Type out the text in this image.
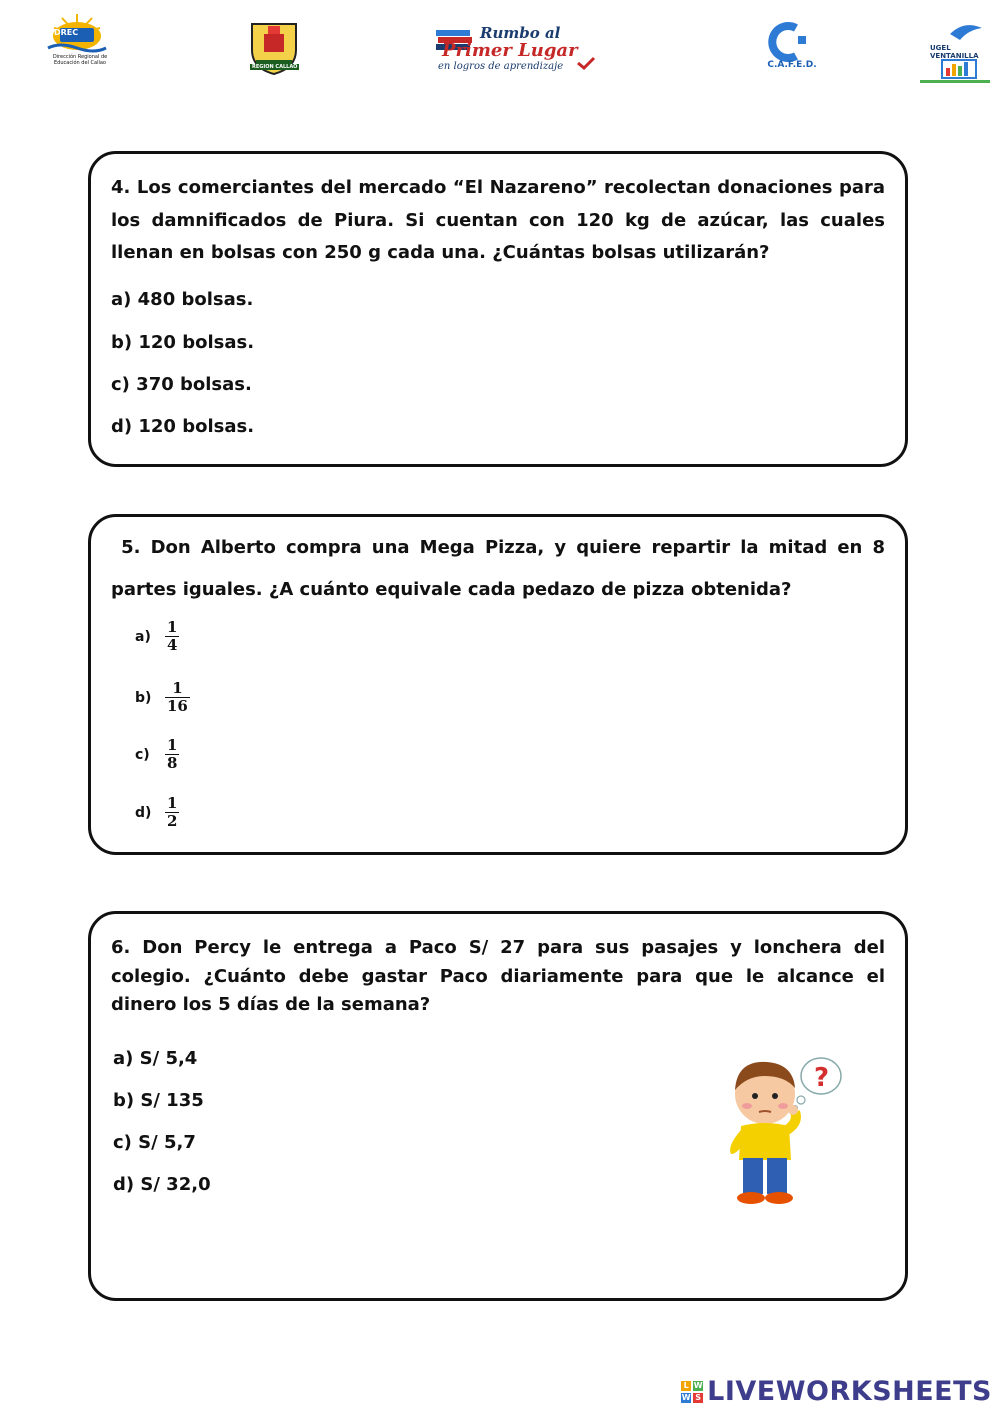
DREC
Dirección Regional de Educación del Callao
REGION CALLAO
Rumbo al
Primer Lugar
en logros de aprendizaje	C.A.F.E.D.
UGEL VENTANILLA
4. Los comerciantes del mercado “El Nazareno” recolectan donaciones para los damnificados de Piura. Si cuentan con 120 kg de azúcar, las cuales llenan en bolsas con 250 g cada una. ¿Cuántas bolsas utilizarán?
a) 480 bolsas.
b) 120 bolsas.
c) 370 bolsas.
d) 120 bolsas.
5. Don Alberto compra una Mega Pizza, y quiere repartir la mitad en 8
partes iguales. ¿A cuánto equivale cada pedazo de pizza obtenida?
$a) \frac{1}{4}$
$b) \frac{1}{16}$
$c) \frac{1}{8}$
$d) \frac{1}{2}$
6. Don Percy le entrega a Paco S/ 27 para sus pasajes y lonchera del colegio. ¿Cuánto debe gastar Paco diariamente para que le alcance el dinero los 5 días de la semana?
a) S/ 5,4
b) S/ 135
c) S/ 5,7
d) S/ 32,0
?
L W
W S LIVEWORKSHEETS
